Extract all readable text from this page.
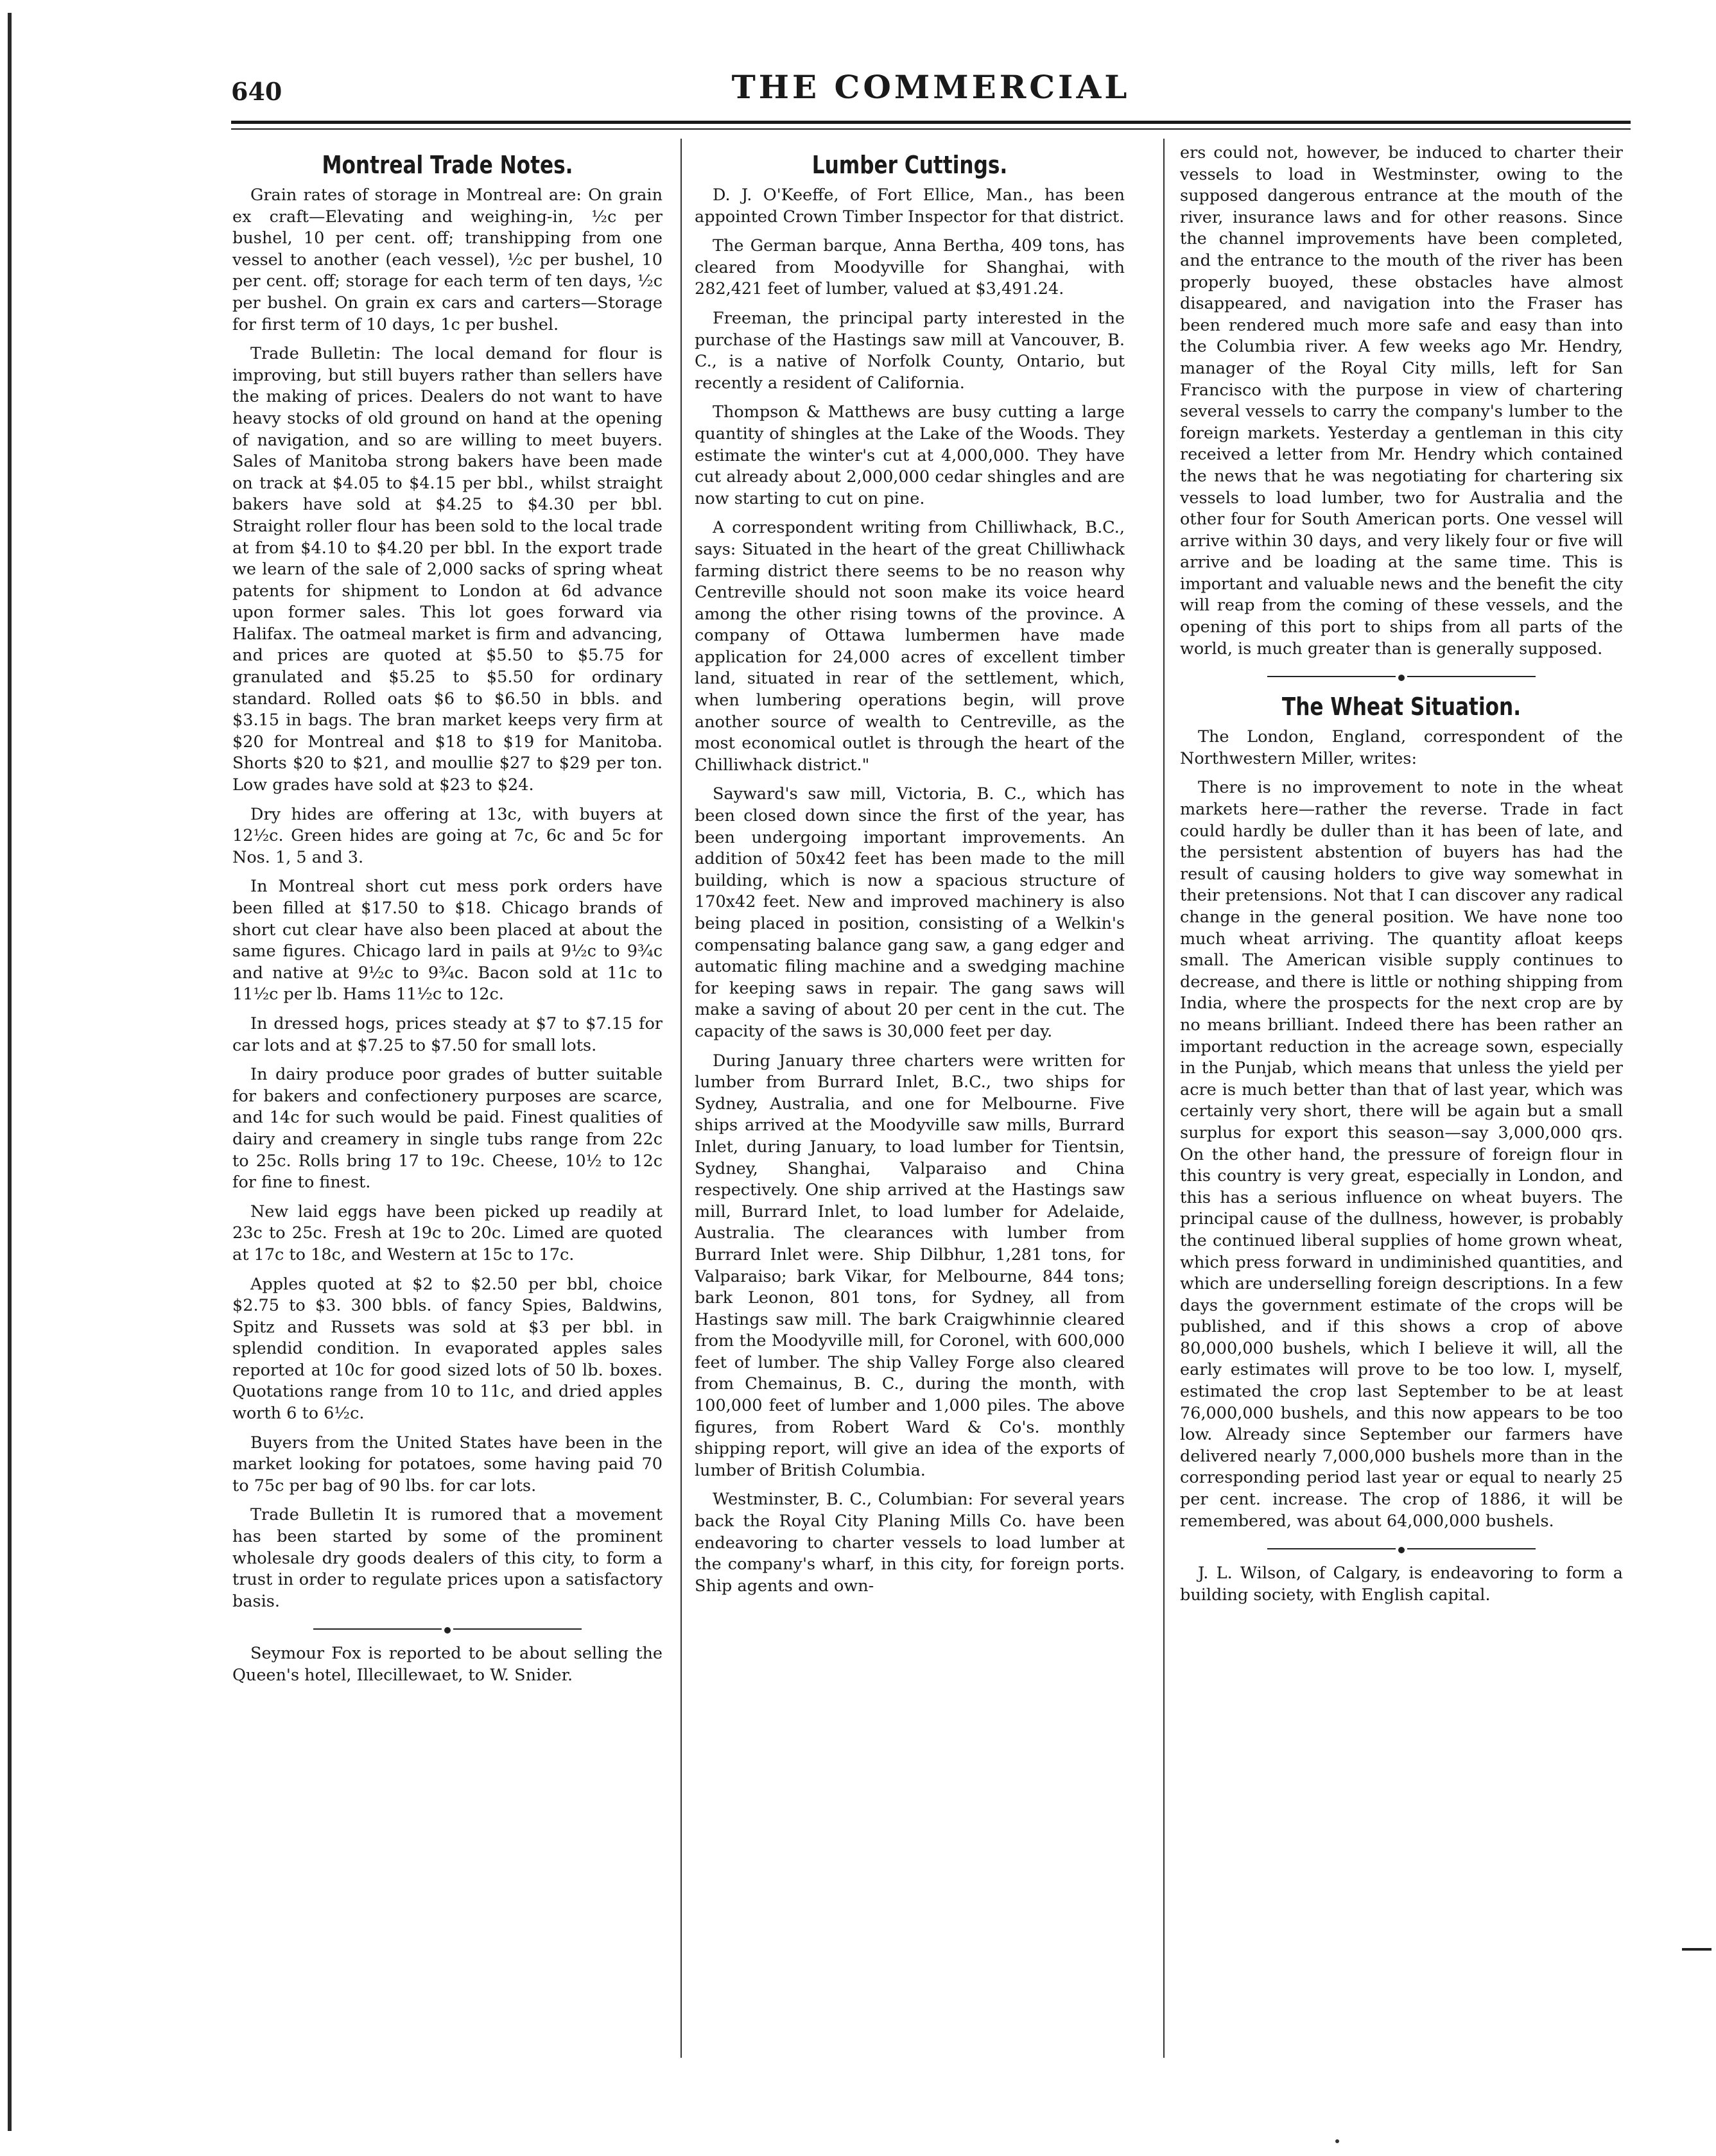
640	THE COMMERCIAL
Montreal Trade Notes.

Grain rates of storage in Montreal are: On grain ex craft—Elevating and weighing-in, ½c per bushel, 10 per cent. off; transhipping from one vessel to another (each vessel), ½c per bushel, 10 per cent. off; storage for each term of ten days, ½c per bushel. On grain ex cars and carters—Storage for first term of 10 days, 1c per bushel.

Trade Bulletin: The local demand for flour is improving, but still buyers rather than sellers have the making of prices. Dealers do not want to have heavy stocks of old ground on hand at the opening of navigation, and so are willing to meet buyers. Sales of Manitoba strong bakers have been made on track at $4.05 to $4.15 per bbl., whilst straight bakers have sold at $4.25 to $4.30 per bbl. Straight roller flour has been sold to the local trade at from $4.10 to $4.20 per bbl. In the export trade we learn of the sale of 2,000 sacks of spring wheat patents for shipment to London at 6d advance upon former sales. This lot goes forward via Halifax. The oatmeal market is firm and advancing, and prices are quoted at $5.50 to $5.75 for granulated and $5.25 to $5.50 for ordinary standard. Rolled oats $6 to $6.50 in bbls. and $3.15 in bags. The bran market keeps very firm at $20 for Montreal and $18 to $19 for Manitoba. Shorts $20 to $21, and moullie $27 to $29 per ton. Low grades have sold at $23 to $24.

Dry hides are offering at 13c, with buyers at 12½c. Green hides are going at 7c, 6c and 5c for Nos. 1, 5 and 3.

In Montreal short cut mess pork orders have been filled at $17.50 to $18. Chicago brands of short cut clear have also been placed at about the same figures. Chicago lard in pails at 9½c to 9¾c and native at 9½c to 9¾c. Bacon sold at 11c to 11½c per lb. Hams 11½c to 12c.

In dressed hogs, prices steady at $7 to $7.15 for car lots and at $7.25 to $7.50 for small lots.

In dairy produce poor grades of butter suitable for bakers and confectionery purposes are scarce, and 14c for such would be paid. Finest qualities of dairy and creamery in single tubs range from 22c to 25c. Rolls bring 17 to 19c. Cheese, 10½ to 12c for fine to finest.

New laid eggs have been picked up readily at 23c to 25c. Fresh at 19c to 20c. Limed are quoted at 17c to 18c, and Western at 15c to 17c.

Apples quoted at $2 to $2.50 per bbl, choice $2.75 to $3. 300 bbls. of fancy Spies, Baldwins, Spitz and Russets was sold at $3 per bbl. in splendid condition. In evaporated apples sales reported at 10c for good sized lots of 50 lb. boxes. Quotations range from 10 to 11c, and dried apples worth 6 to 6½c.

Buyers from the United States have been in the market looking for potatoes, some having paid 70 to 75c per bag of 90 lbs. for car lots.

Trade Bulletin It is rumored that a movement has been started by some of the prominent wholesale dry goods dealers of this city, to form a trust in order to regulate prices upon a satisfactory basis.

Seymour Fox is reported to be about selling the Queen's hotel, Illecillewaet, to W. Snider.

Lumber Cuttings.

D. J. O'Keeffe, of Fort Ellice, Man., has been appointed Crown Timber Inspector for that district.

The German barque, Anna Bertha, 409 tons, has cleared from Moodyville for Shanghai, with 282,421 feet of lumber, valued at $3,491.24.

Freeman, the principal party interested in the purchase of the Hastings saw mill at Vancouver, B. C., is a native of Norfolk County, Ontario, but recently a resident of California.

Thompson & Matthews are busy cutting a large quantity of shingles at the Lake of the Woods. They estimate the winter's cut at 4,000,000. They have cut already about 2,000,000 cedar shingles and are now starting to cut on pine.

A correspondent writing from Chilliwhack, B.C., says: Situated in the heart of the great Chilliwhack farming district there seems to be no reason why Centreville should not soon make its voice heard among the other rising towns of the province. A company of Ottawa lumbermen have made application for 24,000 acres of excellent timber land, situated in rear of the settlement, which, when lumbering operations begin, will prove another source of wealth to Centreville, as the most economical outlet is through the heart of the Chilliwhack district."

Sayward's saw mill, Victoria, B. C., which has been closed down since the first of the year, has been undergoing important improvements. An addition of 50x42 feet has been made to the mill building, which is now a spacious structure of 170x42 feet. New and improved machinery is also being placed in position, consisting of a Welkin's compensating balance gang saw, a gang edger and automatic filing machine and a swedging machine for keeping saws in repair. The gang saws will make a saving of about 20 per cent in the cut. The capacity of the saws is 30,000 feet per day.

During January three charters were written for lumber from Burrard Inlet, B.C., two ships for Sydney, Australia, and one for Melbourne. Five ships arrived at the Moodyville saw mills, Burrard Inlet, during January, to load lumber for Tientsin, Sydney, Shanghai, Valparaiso and China respectively. One ship arrived at the Hastings saw mill, Burrard Inlet, to load lumber for Adelaide, Australia. The clearances with lumber from Burrard Inlet were. Ship Dilbhur, 1,281 tons, for Valparaiso; bark Vikar, for Melbourne, 844 tons; bark Leonon, 801 tons, for Sydney, all from Hastings saw mill. The bark Craigwhinnie cleared from the Moodyville mill, for Coronel, with 600,000 feet of lumber. The ship Valley Forge also cleared from Chemainus, B. C., during the month, with 100,000 feet of lumber and 1,000 piles. The above figures, from Robert Ward & Co's. monthly shipping report, will give an idea of the exports of lumber of British Columbia.

Westminster, B. C., Columbian: For several years back the Royal City Planing Mills Co. have been endeavoring to charter vessels to load lumber at the company's wharf, in this city, for foreign ports. Ship agents and own-

ers could not, however, be induced to charter their vessels to load in Westminster, owing to the supposed dangerous entrance at the mouth of the river, insurance laws and for other reasons. Since the channel improvements have been completed, and the entrance to the mouth of the river has been properly buoyed, these obstacles have almost disappeared, and navigation into the Fraser has been rendered much more safe and easy than into the Columbia river. A few weeks ago Mr. Hendry, manager of the Royal City mills, left for San Francisco with the purpose in view of chartering several vessels to carry the company's lumber to the foreign markets. Yesterday a gentleman in this city received a letter from Mr. Hendry which contained the news that he was negotiating for chartering six vessels to load lumber, two for Australia and the other four for South American ports. One vessel will arrive within 30 days, and very likely four or five will arrive and be loading at the same time. This is important and valuable news and the benefit the city will reap from the coming of these vessels, and the opening of this port to ships from all parts of the world, is much greater than is generally supposed.

The Wheat Situation.

The London, England, correspondent of the Northwestern Miller, writes:

There is no improvement to note in the wheat markets here—rather the reverse. Trade in fact could hardly be duller than it has been of late, and the persistent abstention of buyers has had the result of causing holders to give way somewhat in their pretensions. Not that I can discover any radical change in the general position. We have none too much wheat arriving. The quantity afloat keeps small. The American visible supply continues to decrease, and there is little or nothing shipping from India, where the prospects for the next crop are by no means brilliant. Indeed there has been rather an important reduction in the acreage sown, especially in the Punjab, which means that unless the yield per acre is much better than that of last year, which was certainly very short, there will be again but a small surplus for export this season—say 3,000,000 qrs. On the other hand, the pressure of foreign flour in this country is very great, especially in London, and this has a serious influence on wheat buyers. The principal cause of the dullness, however, is probably the continued liberal supplies of home grown wheat, which press forward in undiminished quantities, and which are underselling foreign descriptions. In a few days the government estimate of the crops will be published, and if this shows a crop of above 80,000,000 bushels, which I believe it will, all the early estimates will prove to be too low. I, myself, estimated the crop last September to be at least 76,000,000 bushels, and this now appears to be too low. Already since September our farmers have delivered nearly 7,000,000 bushels more than in the corresponding period last year or equal to nearly 25 per cent. increase. The crop of 1886, it will be remembered, was about 64,000,000 bushels.

J. L. Wilson, of Calgary, is endeavoring to form a building society, with English capital.
